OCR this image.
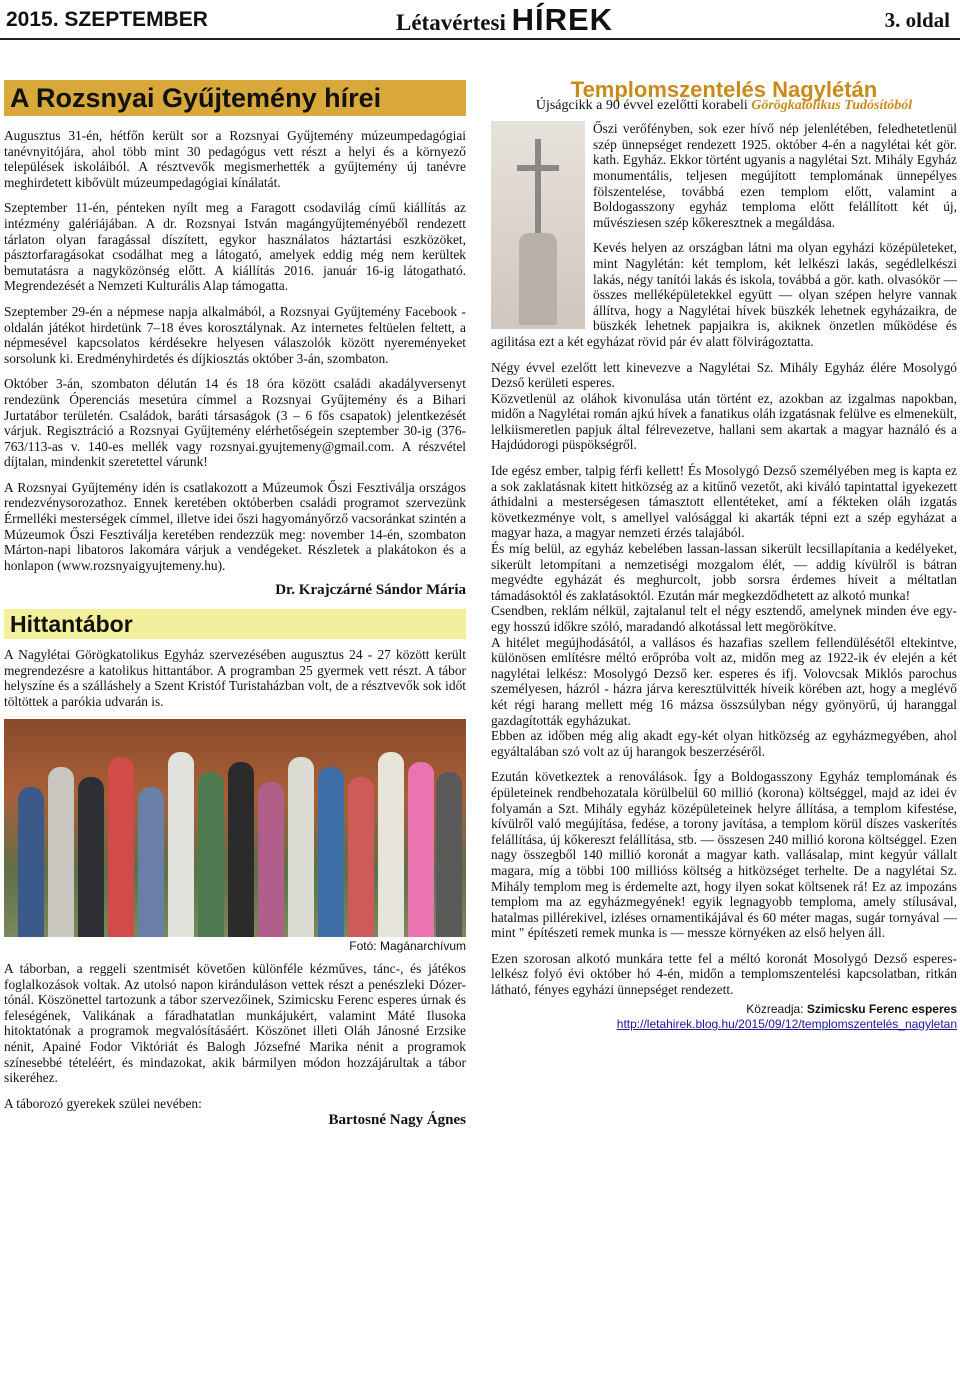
2015. SZEPTEMBER	Létavértesi HÍREK	3. oldal
A Rozsnyai Gyűjtemény hírei

Augusztus 31-én, hétfőn került sor a Rozsnyai Gyűjtemény múzeumpedagógiai tanévnyitójára, ahol több mint 30 pedagógus vett részt a helyi és a környező települések iskoláiból. A résztvevők megismerhették a gyűjtemény új tanévre meghirdetett kibővült múzeumpedagógiai kínálatát.

Szeptember 11-én, pénteken nyílt meg a Faragott csodavilág című kiállítás az intézmény galériájában. A dr. Rozsnyai István magángyűjteményéből rendezett tárlaton olyan faragással díszített, egykor használatos háztartási eszközöket, pásztorfaragásokat csodálhat meg a látogató, amelyek eddig még nem kerültek bemutatásra a nagyközönség előtt. A kiállítás 2016. január 16-ig látogatható. Megrendezését a Nemzeti Kulturális Alap támogatta.

Szeptember 29-én a népmese napja alkalmából, a Rozsnyai Gyűjtemény Facebook -oldalán játékot hirdetünk 7–18 éves korosztálynak. Az internetes feltüelen feltett, a népmesével kapcsolatos kérdésekre helyesen válaszolók között nyereményeket sorsolunk ki. Eredményhirdetés és díjkiosztás október 3-án, szombaton.

Október 3-án, szombaton délután 14 és 18 óra között családi akadályversenyt rendezünk Óperenciás mesetúra címmel a Rozsnyai Gyűjtemény és a Bihari Jurtatábor területén. Családok, baráti társaságok (3 – 6 fős csapatok) jelentkezését várjuk. Regisztráció a Rozsnyai Gyűjtemény elérhetőségein szeptember 30-ig (376-763/113-as v. 140-es mellék vagy rozsnyai.gyujtemeny@gmail.com. A részvétel díjtalan, mindenkit szeretettel várunk!

A Rozsnyai Gyűjtemény idén is csatlakozott a Múzeumok Őszi Fesztiválja országos rendezvénysorozathoz. Ennek keretében októberben családi programot szervezünk Érmelléki mesterségek címmel, illetve idei őszi hagyományőrző vacsoránkat szintén a Múzeumok Őszi Fesztiválja keretében rendezzük meg: november 14-én, szombaton Márton-napi libatoros lakomára várjuk a vendégeket. Részletek a plakátokon és a honlapon (www.rozsnyaigyujtemeny.hu).

Dr. Krajczárné Sándor Mária
Hittantábor

A Nagylétai Görögkatolikus Egyház szervezésében augusztus 24 - 27 között került megrendezésre a katolikus hittantábor. A programban 25 gyermek vett részt. A tábor helyszíne és a szálláshely a Szent Kristóf Turistaházban volt, de a résztvevők sok időt töltöttek a parókia udvarán is.

Fotó: Magánarchívum

A táborban, a reggeli szentmisét követően különféle kézműves, tánc-, és játékos foglalkozások voltak. Az utolsó napon kiránduláson vettek részt a penészleki Dózer-tónál. Köszönettel tartozunk a tábor szervezőinek, Szimicsku Ferenc esperes úrnak és feleségének, Valikának a fáradhatatlan munkájukért, valamint Máté Ilusoka hitoktatónak a programok megvalósításáért. Köszönet illeti Oláh Jánosné Erzsike nénit, Apainé Fodor Viktóriát és Balogh Józsefné Marika nénit a programok színesebbé tételéért, és mindazokat, akik bármilyen módon hozzájárultak a tábor sikeréhez.

A táborozó gyerekek szülei nevében:

Bartosné Nagy Ágnes
Templomszentelés Nagylétán
Újságcikk a 90 évvel ezelőtti korabeli Görögkatolikus Tudósítóból

Őszi verőfényben, sok ezer hívő nép jelenlétében, feledhetetlenül szép ünnepséget rendezett 1925. október 4-én a nagylétai két gör. kath. Egyház. Ekkor történt ugyanis a nagylétai Szt. Mihály Egyház monumentális, teljesen megújított templomának ünnepélyes fölszentelése, továbbá ezen templom előtt, valamint a Boldogasszony egyház temploma előtt felállított két új, művésziesen szép kőkeresztnek a megáldása.

Kevés helyen az országban látni ma olyan egyházi középületeket, mint Nagylétán: két templom, két lelkészi lakás, segédlelkészi lakás, négy tanítói lakás és iskola, továbbá a gör. kath. olvasókör — összes melléképületekkel együtt — olyan szépen helyre vannak állítva, hogy a Nagylétai hívek büszkék lehetnek egyházaikra, de büszkék lehetnek papjaikra is, akiknek önzetlen működése és agilitása ezt a két egyházat rövid pár év alatt fölvirágoztatta.

Négy évvel ezelőtt lett kinevezve a Nagylétai Sz. Mihály Egyház élére Mosolygó Dezső kerületi esperes.

Közvetlenül az oláhok kivonulása után történt ez, azokban az izgalmas napokban, midőn a Nagylétai román ajkú hívek a fanatikus oláh izgatásnak felülve es elmenekült, lelkiismeretlen papjuk által félrevezetve, hallani sem akartak a magyar haználó és a Hajdúdorogi püspökségről.

Ide egész ember, talpig férfi kellett! És Mosolygó Dezső személyében meg is kapta ez a sok zaklatásnak kitett hitközség az a kitűnő vezetőt, aki kiváló tapintattal igyekezett áthidalni a mesterségesen támasztott ellentéteket, amí a fékteken oláh izgatás következménye volt, s amellyel valósággal ki akarták tépni ezt a szép egyházat a magyar haza, a magyar nemzeti érzés talajából.

És míg belül, az egyház kebelében lassan-lassan sikerült lecsillapítania a kedélyeket, sikerült letompítani a nemzetiségi mozgalom élét, — addig kívülről is bátran megvédte egyházát és meghurcolt, jobb sorsra érdemes híveit a méltatlan támadásoktól és zaklatásoktól. Ezután már megkezdődhetett az alkotó munka!

Csendben, reklám nélkül, zajtalanul telt el négy esztendő, amelynek minden éve egy-egy hosszú időkre szóló, maradandó alkotással lett megörökítve.

A hitélet megújhodásától, a vallásos és hazafias szellem fellendülésétől eltekintve, különösen említésre méltó erőpróba volt az, midőn meg az 1922-ik év elején a két nagylétai lelkész: Mosolygó Dezső ker. esperes és ifj. Volovcsak Miklós parochus személyesen, házról - házra járva keresztülvitték híveik körében azt, hogy a meglévő két régi harang mellett még 16 mázsa összsúlyban négy gyönyörű, új haranggal gazdagították egyházukat.

Ebben az időben még alig akadt egy-két olyan hitközség az egyházmegyében, ahol egyáltalában szó volt az új harangok beszerzéséről.

Ezután következtek a renoválások. Így a Boldogasszony Egyház templomának és épületeinek rendbehozatala körülbelül 60 millió (korona) költséggel, majd az idei év folyamán a Szt. Mihály egyház középületeinek helyre állítása, a templom kifestése, kívülről való megújítása, fedése, a torony javítása, a templom körül díszes vaskerítés felállítása, új kőkereszt felállítása, stb. — összesen 240 millió korona költséggel. Ezen nagy összegből 140 millió koronát a magyar kath. vallásalap, mint kegyúr vállalt magara, míg a többi 100 millióss költség a hitközséget terhelte. De a nagylétai Sz. Mihály templom meg is érdemelte azt, hogy ilyen sokat költsenek rá! Ez az impozáns templom ma az egyházmegyének! egyik legnagyobb temploma, amely stílusával, hatalmas pillérekivel, izléses ornamentikájával és 60 méter magas, sugár tornyával — mint " építészeti remek munka is — messze környéken az első helyen áll.

Ezen szorosan alkotó munkára tette fel a méltó koronát Mosolygó Dezső esperes-lelkész folyó évi október hó 4-én, midőn a templomszentelési kapcsolatban, ritkán látható, fényes egyházi ünnepséget rendezett.

Közreadja: Szimicsku Ferenc esperes
http://letahirek.blog.hu/2015/09/12/templomszentelés_nagyletan
